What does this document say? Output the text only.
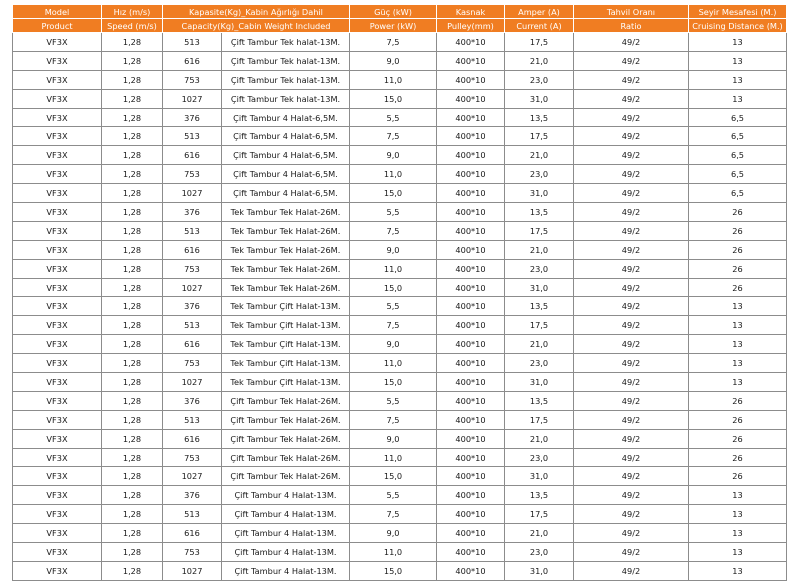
Model	Hız (m/s)	Kapasite(Kg)_Kabin Ağırlığı Dahil		Güç (kW)	Kasnak	Amper (A)	Tahvil Oranı	Seyir Mesafesi (M.)
Product	Speed (m/s)	Capacity(Kg)_Cabin Weight Included		Power (kW)	Pulley(mm)	Current (A)	Ratio	Cruising Distance (M.)
VF3X	1,28	513	Çift Tambur Tek halat-13M.	7,5	400*10	17,5	49/2	13
VF3X	1,28	616	Çift Tambur Tek halat-13M.	9,0	400*10	21,0	49/2	13
VF3X	1,28	753	Çift Tambur Tek halat-13M.	11,0	400*10	23,0	49/2	13
VF3X	1,28	1027	Çift Tambur Tek halat-13M.	15,0	400*10	31,0	49/2	13
VF3X	1,28	376	Çift Tambur 4 Halat-6,5M.	5,5	400*10	13,5	49/2	6,5
VF3X	1,28	513	Çift Tambur 4 Halat-6,5M.	7,5	400*10	17,5	49/2	6,5
VF3X	1,28	616	Çift Tambur 4 Halat-6,5M.	9,0	400*10	21,0	49/2	6,5
VF3X	1,28	753	Çift Tambur 4 Halat-6,5M.	11,0	400*10	23,0	49/2	6,5
VF3X	1,28	1027	Çift Tambur 4 Halat-6,5M.	15,0	400*10	31,0	49/2	6,5
VF3X	1,28	376	Tek Tambur Tek Halat-26M.	5,5	400*10	13,5	49/2	26
VF3X	1,28	513	Tek Tambur Tek Halat-26M.	7,5	400*10	17,5	49/2	26
VF3X	1,28	616	Tek Tambur Tek Halat-26M.	9,0	400*10	21,0	49/2	26
VF3X	1,28	753	Tek Tambur Tek Halat-26M.	11,0	400*10	23,0	49/2	26
VF3X	1,28	1027	Tek Tambur Tek Halat-26M.	15,0	400*10	31,0	49/2	26
VF3X	1,28	376	Tek Tambur Çift Halat-13M.	5,5	400*10	13,5	49/2	13
VF3X	1,28	513	Tek Tambur Çift Halat-13M.	7,5	400*10	17,5	49/2	13
VF3X	1,28	616	Tek Tambur Çift Halat-13M.	9,0	400*10	21,0	49/2	13
VF3X	1,28	753	Tek Tambur Çift Halat-13M.	11,0	400*10	23,0	49/2	13
VF3X	1,28	1027	Tek Tambur Çift Halat-13M.	15,0	400*10	31,0	49/2	13
VF3X	1,28	376	Çift Tambur Tek Halat-26M.	5,5	400*10	13,5	49/2	26
VF3X	1,28	513	Çift Tambur Tek Halat-26M.	7,5	400*10	17,5	49/2	26
VF3X	1,28	616	Çift Tambur Tek Halat-26M.	9,0	400*10	21,0	49/2	26
VF3X	1,28	753	Çift Tambur Tek Halat-26M.	11,0	400*10	23,0	49/2	26
VF3X	1,28	1027	Çift Tambur Tek Halat-26M.	15,0	400*10	31,0	49/2	26
VF3X	1,28	376	Çift Tambur 4 Halat-13M.	5,5	400*10	13,5	49/2	13
VF3X	1,28	513	Çift Tambur 4 Halat-13M.	7,5	400*10	17,5	49/2	13
VF3X	1,28	616	Çift Tambur 4 Halat-13M.	9,0	400*10	21,0	49/2	13
VF3X	1,28	753	Çift Tambur 4 Halat-13M.	11,0	400*10	23,0	49/2	13
VF3X	1,28	1027	Çift Tambur 4 Halat-13M.	15,0	400*10	31,0	49/2	13
